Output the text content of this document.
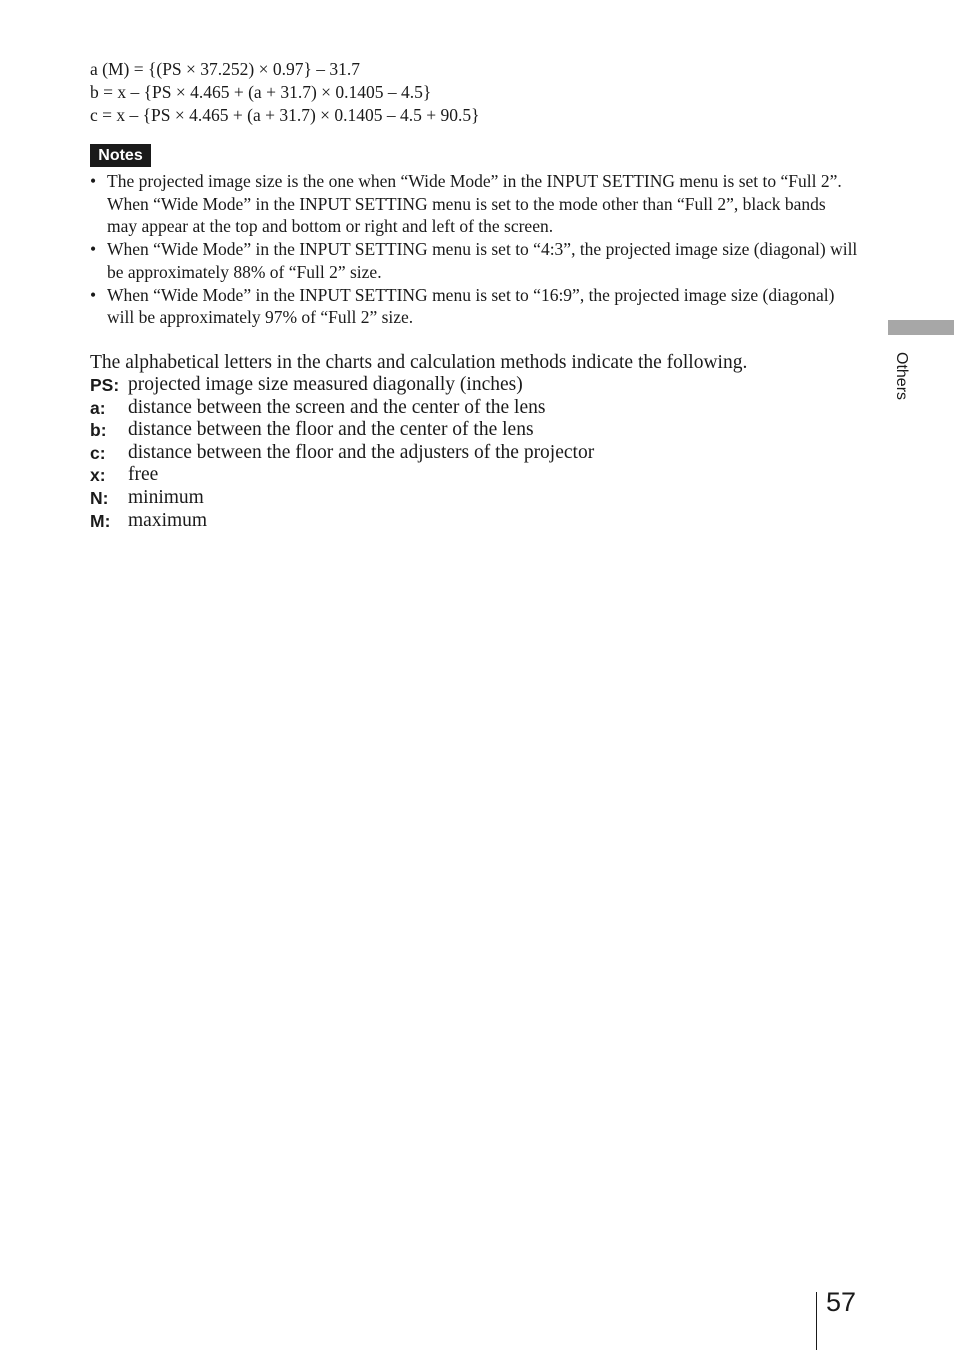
a (M) = {(PS × 37.252) × 0.97} – 31.7
b = x – {PS × 4.465 + (a + 31.7) × 0.1405 – 4.5}
c = x – {PS × 4.465 + (a + 31.7) × 0.1405 – 4.5 + 90.5}
Notes
• The projected image size is the one when “Wide Mode” in the INPUT SETTING menu is set to “Full 2”. When “Wide Mode” in the INPUT SETTING menu is set to the mode other than “Full 2”, black bands may appear at the top and bottom or right and left of the screen.
• When “Wide Mode” in the INPUT SETTING menu is set to “4:3”, the projected image size (diagonal) will be approximately 88% of “Full 2” size.
• When “Wide Mode” in the INPUT SETTING menu is set to “16:9”, the projected image size (diagonal) will be approximately 97% of “Full 2” size.
The alphabetical letters in the charts and calculation methods indicate the following.
PS: projected image size measured diagonally (inches)
a: distance between the screen and the center of the lens
b: distance between the floor and the center of the lens
c: distance between the floor and the adjusters of the projector
x: free
N: minimum
M: maximum
Others
57
